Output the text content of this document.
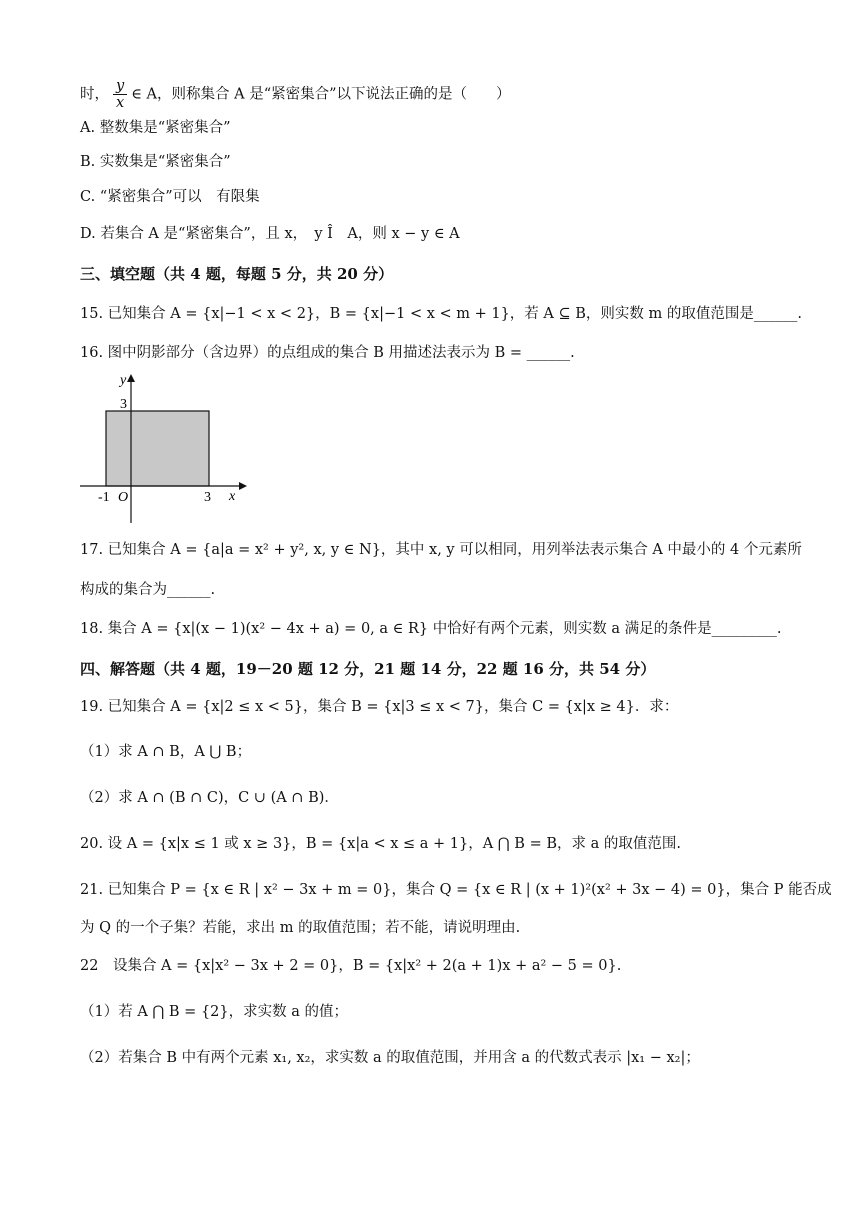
时， $\frac{y}{x}$ ∈ A，则称集合 A 是“紧密集合”以下说法正确的是（　　）
A. 整数集是“紧密集合”
B. 实数集是“紧密集合”
C. “紧密集合”可以　有限集
D. 若集合 A 是“紧密集合”，且 x，　y Î　A，则 x − y ∈ A
三、填空题（共 4 题，每题 5 分，共 20 分）
15. 已知集合 A = {x|−1 < x < 2}，B = {x|−1 < x < m + 1}，若 A ⊆ B，则实数 m 的取值范围是______.
16. 图中阴影部分（含边界）的点组成的集合 B 用描述法表示为 B = ______.
y
x
O
-1	3
3
17. 已知集合 A = {a|a = x² + y², x, y ∈ N}，其中 x, y 可以相同，用列举法表示集合 A 中最小的 4 个元素所
构成的集合为______.
18. 集合 A = {x|(x − 1)(x² − 4x + a) = 0, a ∈ R} 中恰好有两个元素，则实数 a 满足的条件是_________.
四、解答题（共 4 题，19－20 题 12 分，21 题 14 分，22 题 16 分，共 54 分）
19. 已知集合 A = {x|2 ≤ x < 5}，集合 B = {x|3 ≤ x < 7}，集合 C = {x|x ≥ 4}．求：
（1）求 A ∩ B，A ⋃ B；
（2）求 A ∩ (B ∩ C)，C ∪ (A ∩ B)．
20. 设 A = {x|x ≤ 1 或 x ≥ 3}，B = {x|a < x ≤ a + 1}，A ⋂ B = B，求 a 的取值范围.
21. 已知集合 P = {x ∈ R | x² − 3x + m = 0}，集合 Q = {x ∈ R | (x + 1)²(x² + 3x − 4) = 0}，集合 P 能否成
为 Q 的一个子集？若能，求出 m 的取值范围；若不能，请说明理由.
22　设集合 A = {x|x² − 3x + 2 = 0}，B = {x|x² + 2(a + 1)x + a² − 5 = 0}.
（1）若 A ⋂ B = {2}，求实数 a 的值；
（2）若集合 B 中有两个元素 x₁, x₂，求实数 a 的取值范围，并用含 a 的代数式表示 |x₁ − x₂|；
